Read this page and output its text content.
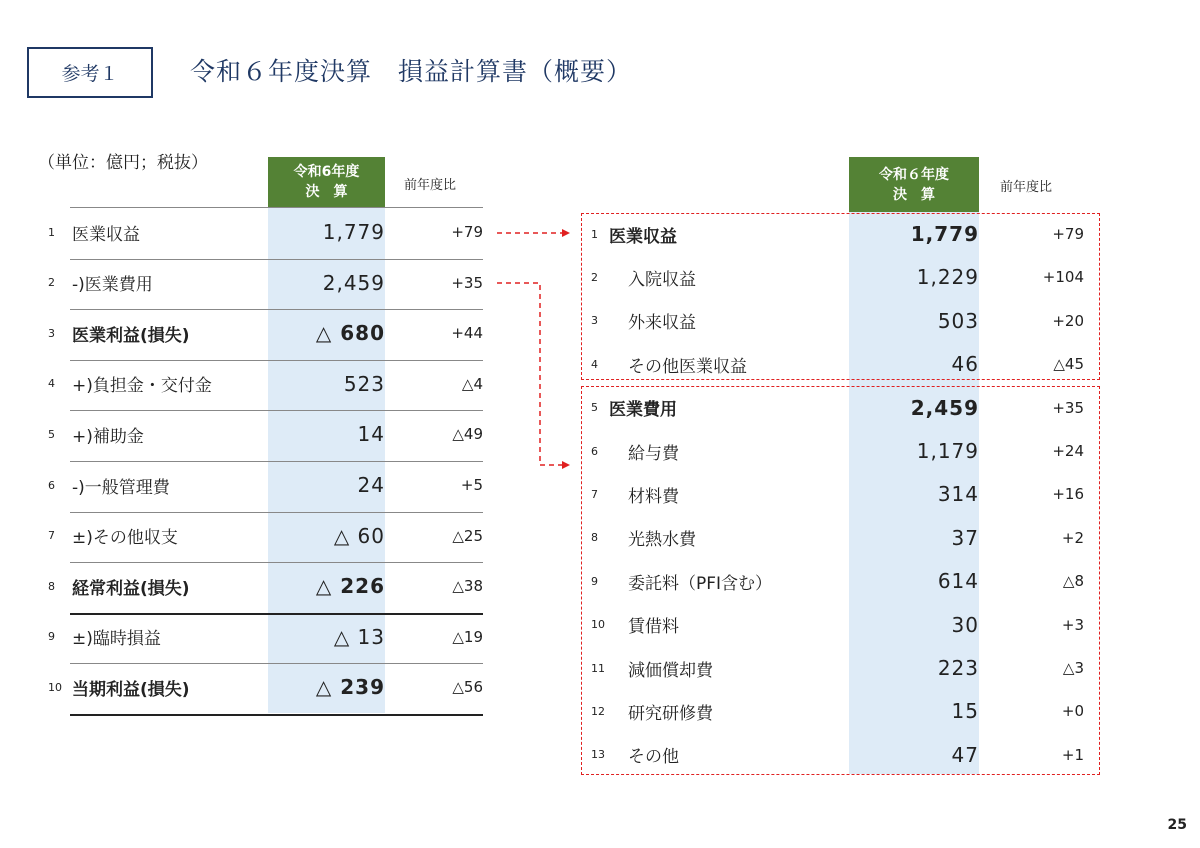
参考１	令和６年度決算　損益計算書（概要）
（単位：億円；税抜）	令和6年度
決　算	前年度比
1 医業収益	1,779	+79
2 -)医業費用	2,459	+35
3 医業利益(損失)	△ 680	+44
4 +)負担金・交付金	523	△4
5 +)補助金	14	△49
6 -)一般管理費	24	+5
7 ±)その他収支	△ 60	△25
8 経常利益(損失)	△ 226	△38
9 ±)臨時損益	△ 13	△19
10 当期利益(損失)	△ 239	△56
令和６年度
決　算	前年度比
1 医業収益	1,779	+79
2 入院収益	1,229	+104
3 外来収益	503	+20
4 その他医業収益	46	△45
5 医業費用	2,459	+35
6 給与費	1,179	+24
7 材料費	314	+16
8 光熱水費	37	+2
9 委託料（PFI含む）	614	△8
10 賃借料	30	+3
11 減価償却費	223	△3
12 研究研修費	15	+0
13 その他	47	+1
25
